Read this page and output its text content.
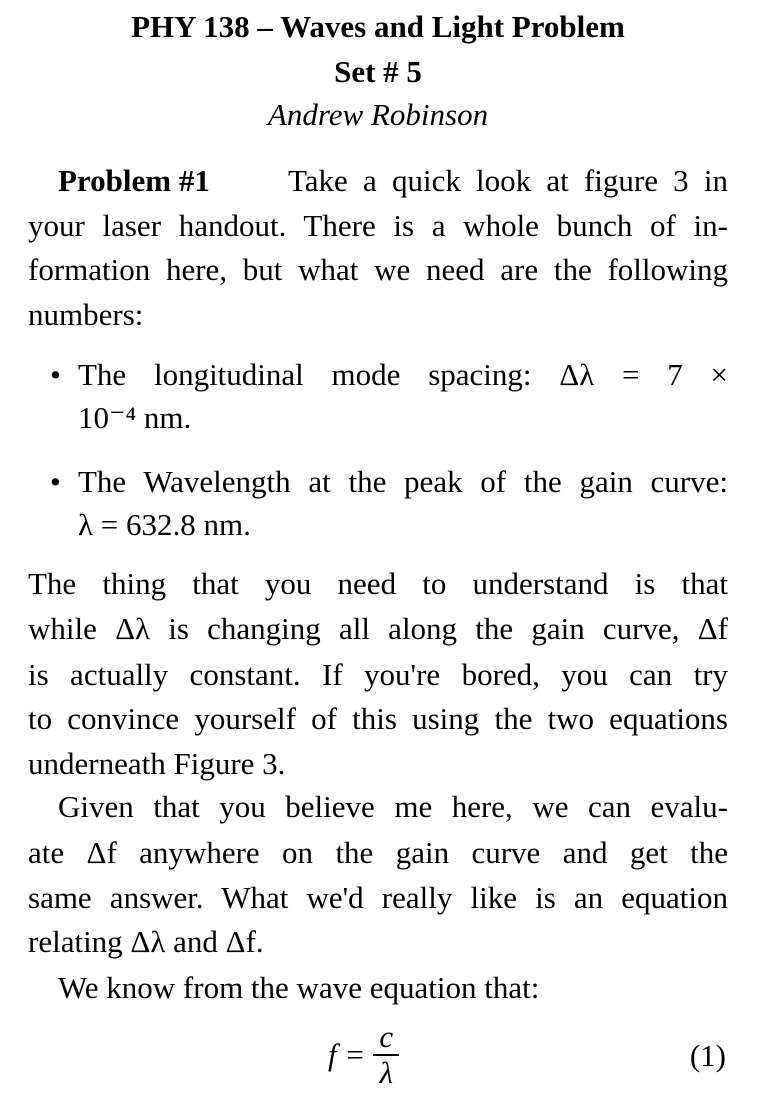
PHY 138 – Waves and Light Problem
Set # 5
Andrew Robinson
Problem #1	Take a quick look at figure 3 in
your laser handout. There is a whole bunch of in-
formation here, but what we need are the following
numbers:
• The longitudinal mode spacing: Δλ = 7 ×
10⁻⁴ nm.
• The Wavelength at the peak of the gain curve:
λ = 632.8 nm.
The thing that you need to understand is that
while Δλ is changing all along the gain curve, Δf
is actually constant. If you're bored, you can try
to convince yourself of this using the two equations
underneath Figure 3.
Given that you believe me here, we can evalu-
ate Δf anywhere on the gain curve and get the
same answer. What we'd really like is an equation
relating Δλ and Δf.
We know from the wave equation that:
f =
c
λ	(1)
